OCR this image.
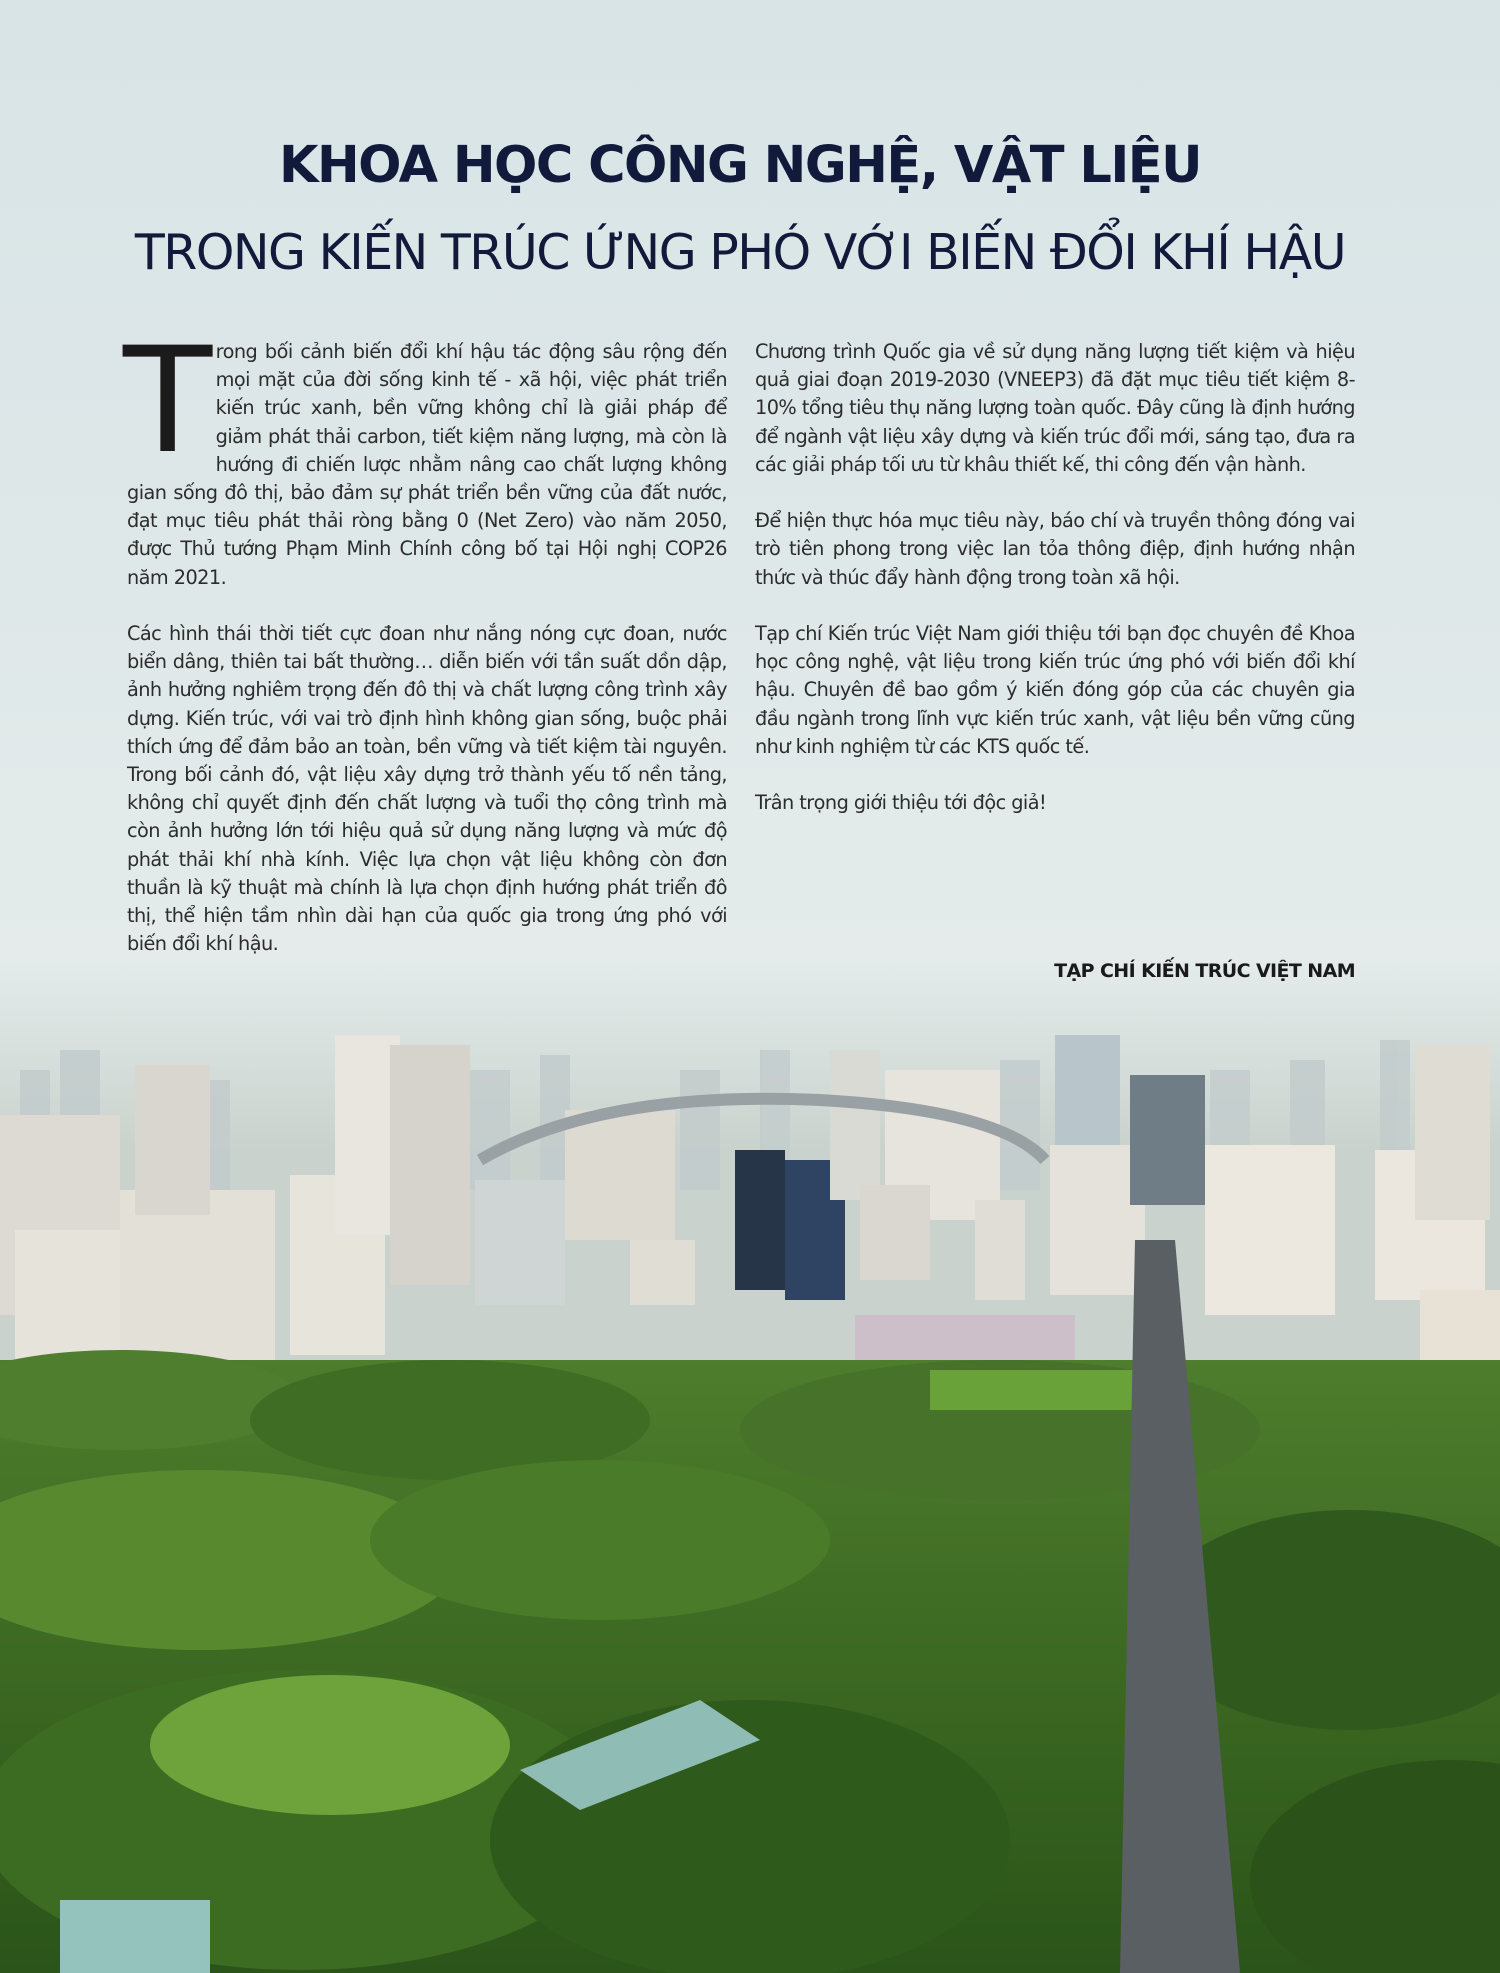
KHOA HỌC CÔNG NGHỆ, VẬT LIỆU
TRONG KIẾN TRÚC ỨNG PHÓ VỚI BIẾN ĐỔI KHÍ HẬU

Trong bối cảnh biến đổi khí hậu tác động sâu rộng đến mọi mặt của đời sống kinh tế - xã hội, việc phát triển kiến trúc xanh, bền vững không chỉ là giải pháp để giảm phát thải carbon, tiết kiệm năng lượng, mà còn là hướng đi chiến lược nhằm nâng cao chất lượng không gian sống đô thị, bảo đảm sự phát triển bền vững của đất nước, đạt mục tiêu phát thải ròng bằng 0 (Net Zero) vào năm 2050, được Thủ tướng Phạm Minh Chính công bố tại Hội nghị COP26 năm 2021.

Các hình thái thời tiết cực đoan như nắng nóng cực đoan, nước biển dâng, thiên tai bất thường… diễn biến với tần suất dồn dập, ảnh hưởng nghiêm trọng đến đô thị và chất lượng công trình xây dựng. Kiến trúc, với vai trò định hình không gian sống, buộc phải thích ứng để đảm bảo an toàn, bền vững và tiết kiệm tài nguyên. Trong bối cảnh đó, vật liệu xây dựng trở thành yếu tố nền tảng, không chỉ quyết định đến chất lượng và tuổi thọ công trình mà còn ảnh hưởng lớn tới hiệu quả sử dụng năng lượng và mức độ phát thải khí nhà kính. Việc lựa chọn vật liệu không còn đơn thuần là kỹ thuật mà chính là lựa chọn định hướng phát triển đô thị, thể hiện tầm nhìn dài hạn của quốc gia trong ứng phó với biến đổi khí hậu.

Chương trình Quốc gia về sử dụng năng lượng tiết kiệm và hiệu quả giai đoạn 2019-2030 (VNEEP3) đã đặt mục tiêu tiết kiệm 8-10% tổng tiêu thụ năng lượng toàn quốc. Đây cũng là định hướng để ngành vật liệu xây dựng và kiến trúc đổi mới, sáng tạo, đưa ra các giải pháp tối ưu từ khâu thiết kế, thi công đến vận hành.

Để hiện thực hóa mục tiêu này, báo chí và truyền thông đóng vai trò tiên phong trong việc lan tỏa thông điệp, định hướng nhận thức và thúc đẩy hành động trong toàn xã hội.

Tạp chí Kiến trúc Việt Nam giới thiệu tới bạn đọc chuyên đề Khoa học công nghệ, vật liệu trong kiến trúc ứng phó với biến đổi khí hậu. Chuyên đề bao gồm ý kiến đóng góp của các chuyên gia đầu ngành trong lĩnh vực kiến trúc xanh, vật liệu bền vững cũng như kinh nghiệm từ các KTS quốc tế.

Trân trọng giới thiệu tới độc giả!

TẠP CHÍ KIẾN TRÚC VIỆT NAM
